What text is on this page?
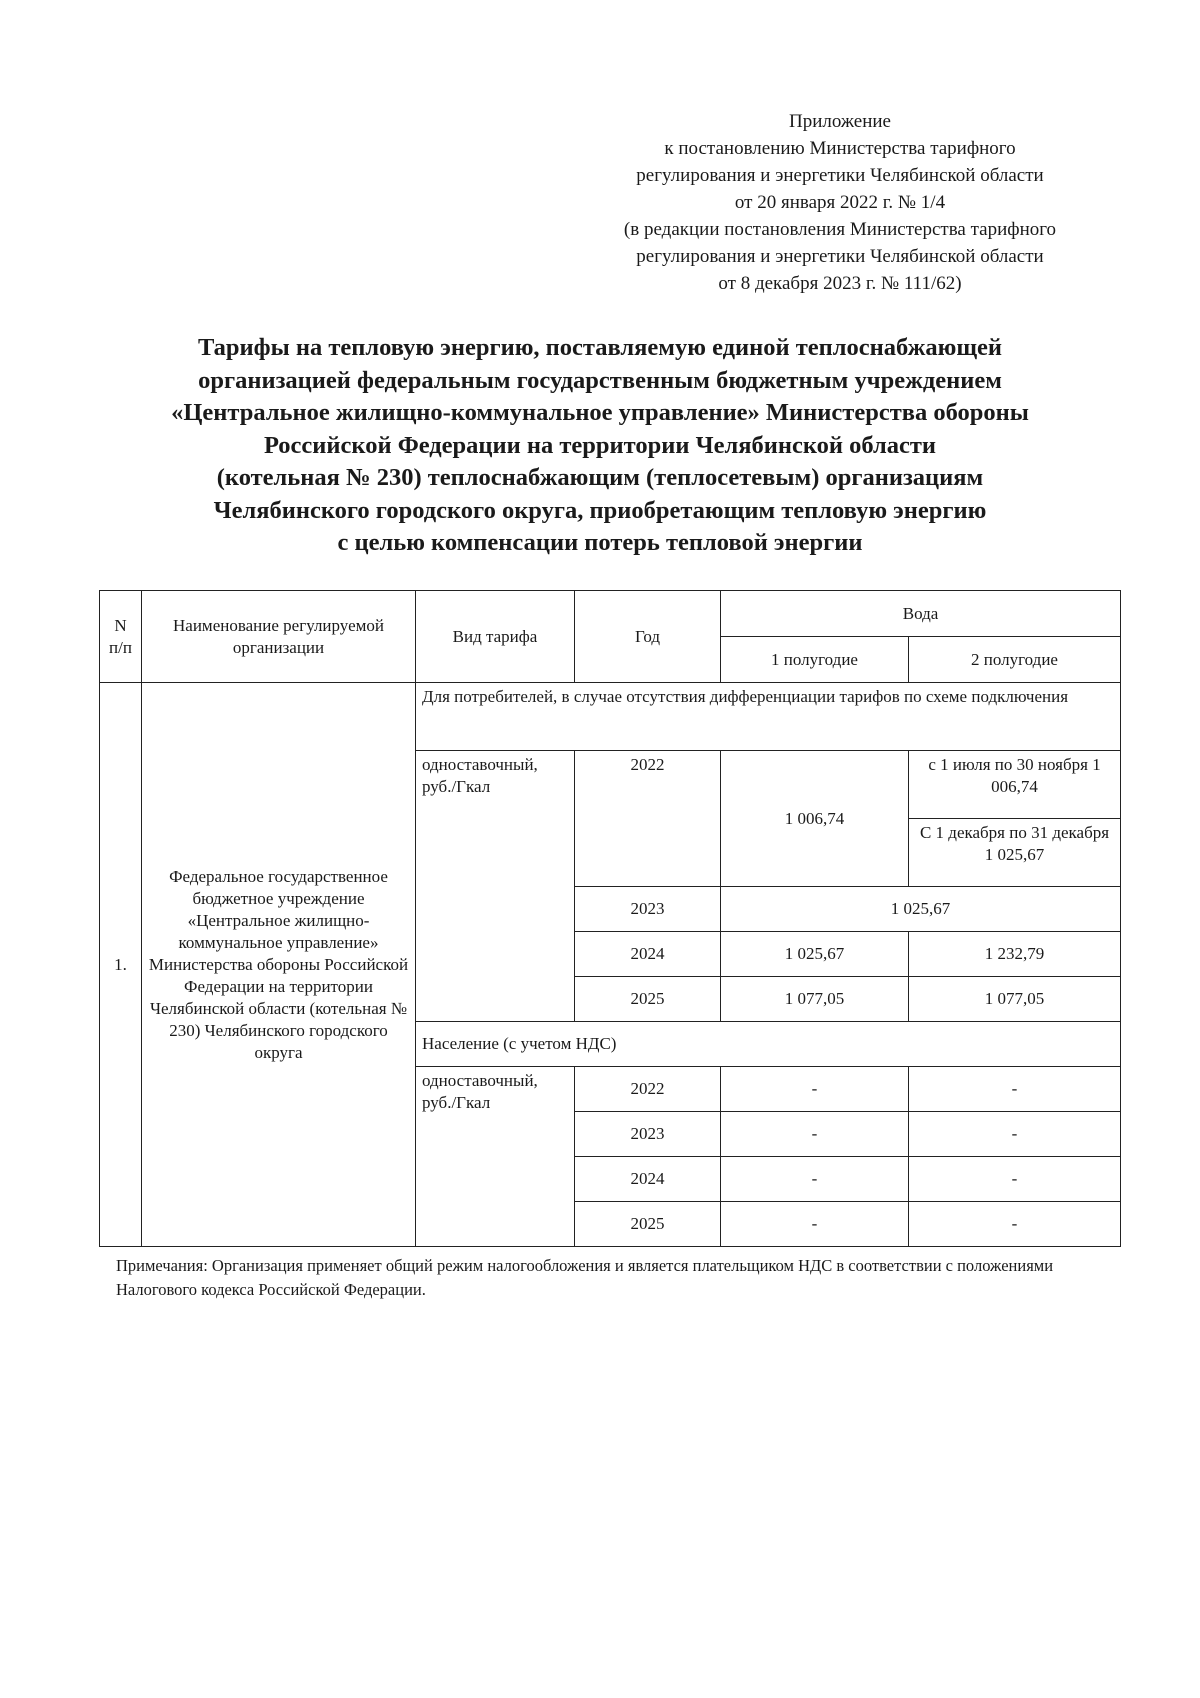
Приложение
к постановлению Министерства тарифного
регулирования и энергетики Челябинской области
от 20 января 2022 г. № 1/4
(в редакции постановления Министерства тарифного
регулирования и энергетики Челябинской области
от 8 декабря 2023 г. № 111/62)
Тарифы на тепловую энергию, поставляемую единой теплоснабжающей
организацией федеральным государственным бюджетным учреждением
«Центральное жилищно-коммунальное управление» Министерства обороны
Российской Федерации на территории Челябинской области
(котельная № 230) теплоснабжающим (теплосетевым) организациям
Челябинского городского округа, приобретающим тепловую энергию
с целью компенсации потерь тепловой энергии
N п/п	Наименование регулируемой организации	Вид тарифа	Год	Вода	
				1 полугодие	2 полугодие
1.	Федеральное государственное бюджетное учреждение «Центральное жилищно-коммунальное управление» Министерства обороны Российской Федерации на территории Челябинской области (котельная № 230) Челябинского городского округа	Для потребителей, в случае отсутствия дифференциации тарифов по схеме подключения			
		одноставочный, руб./Гкал	2022	1 006,74	с 1 июля по 30 ноября 1 006,74
					С 1 декабря по 31 декабря 1 025,67
			2023	1 025,67	
			2024	1 025,67	1 232,79
			2025	1 077,05	1 077,05
		Население (с учетом НДС)			
		одноставочный, руб./Гкал	2022	-	-
			2023	-	-
			2024	-	-
			2025	-	-
Примечания: Организация применяет общий режим налогообложения и является плательщиком НДС в соответствии с положениями Налогового кодекса Российской Федерации.
